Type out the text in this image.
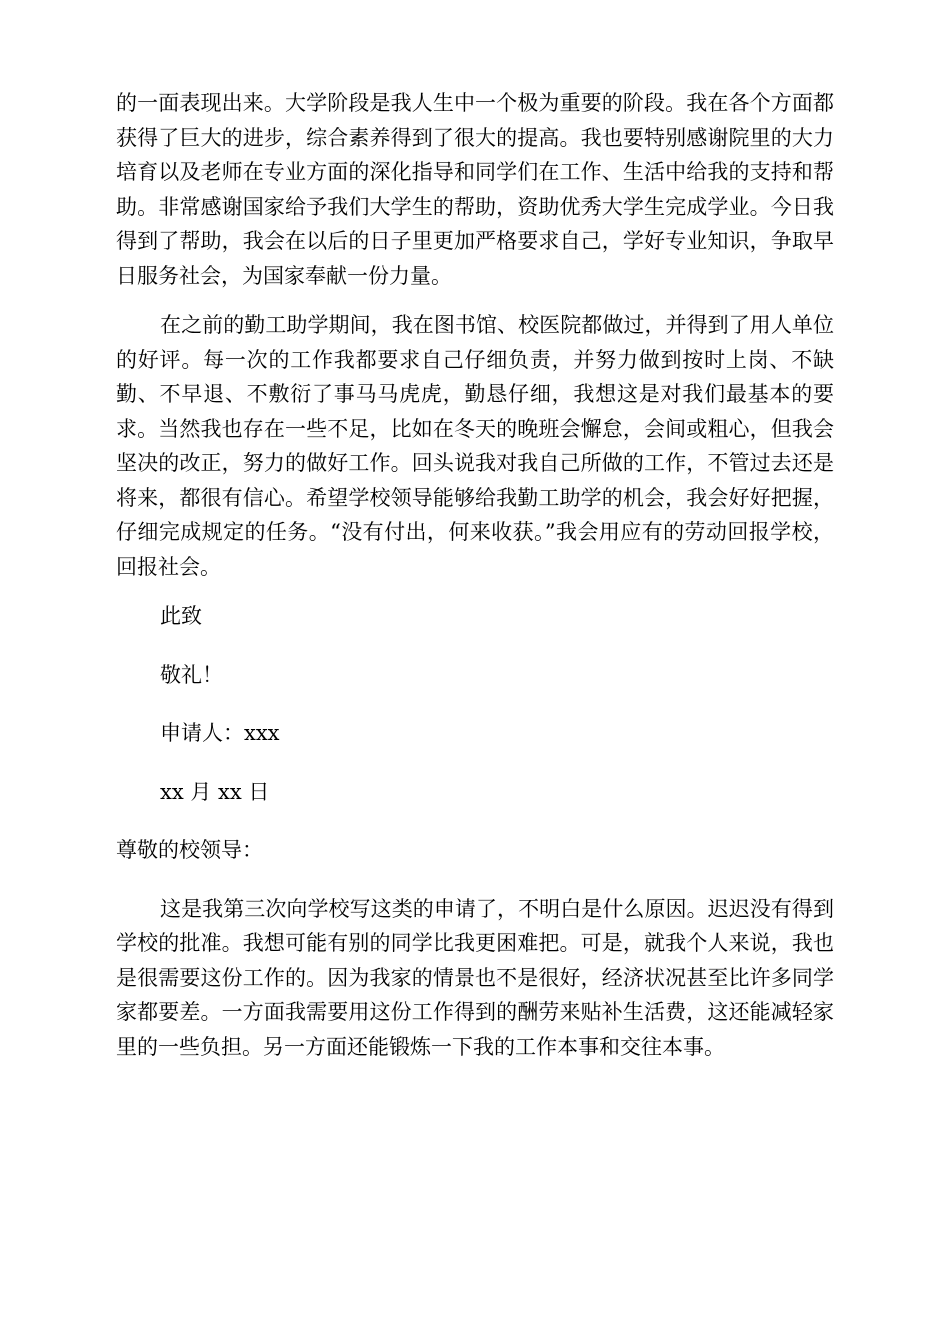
的一面表现出来。大学阶段是我人生中一个极为重要的阶段。我在各个方面都获得了巨大的进步，综合素养得到了很大的提高。我也要特别感谢院里的大力培育以及老师在专业方面的深化指导和同学们在工作、生活中给我的支持和帮助。非常感谢国家给予我们大学生的帮助，资助优秀大学生完成学业。今日我得到了帮助，我会在以后的日子里更加严格要求自己，学好专业知识，争取早日服务社会，为国家奉献一份力量。

在之前的勤工助学期间，我在图书馆、校医院都做过，并得到了用人单位的好评。每一次的工作我都要求自己仔细负责，并努力做到按时上岗、不缺勤、不早退、不敷衍了事马马虎虎，勤恳仔细，我想这是对我们最基本的要求。当然我也存在一些不足，比如在冬天的晚班会懈怠，会间或粗心，但我会坚决的改正，努力的做好工作。回头说我对我自己所做的工作，不管过去还是将来，都很有信心。希望学校领导能够给我勤工助学的机会，我会好好把握，仔细完成规定的任务。“没有付出，何来收获。”我会用应有的劳动回报学校，回报社会。

此致
敬礼！
申请人：xxx
xx 月 xx 日
尊敬的校领导：

这是我第三次向学校写这类的申请了，不明白是什么原因。迟迟没有得到学校的批准。我想可能有别的同学比我更困难把。可是，就我个人来说，我也是很需要这份工作的。因为我家的情景也不是很好，经济状况甚至比许多同学家都要差。一方面我需要用这份工作得到的酬劳来贴补生活费，这还能减轻家里的一些负担。另一方面还能锻炼一下我的工作本事和交往本事。
